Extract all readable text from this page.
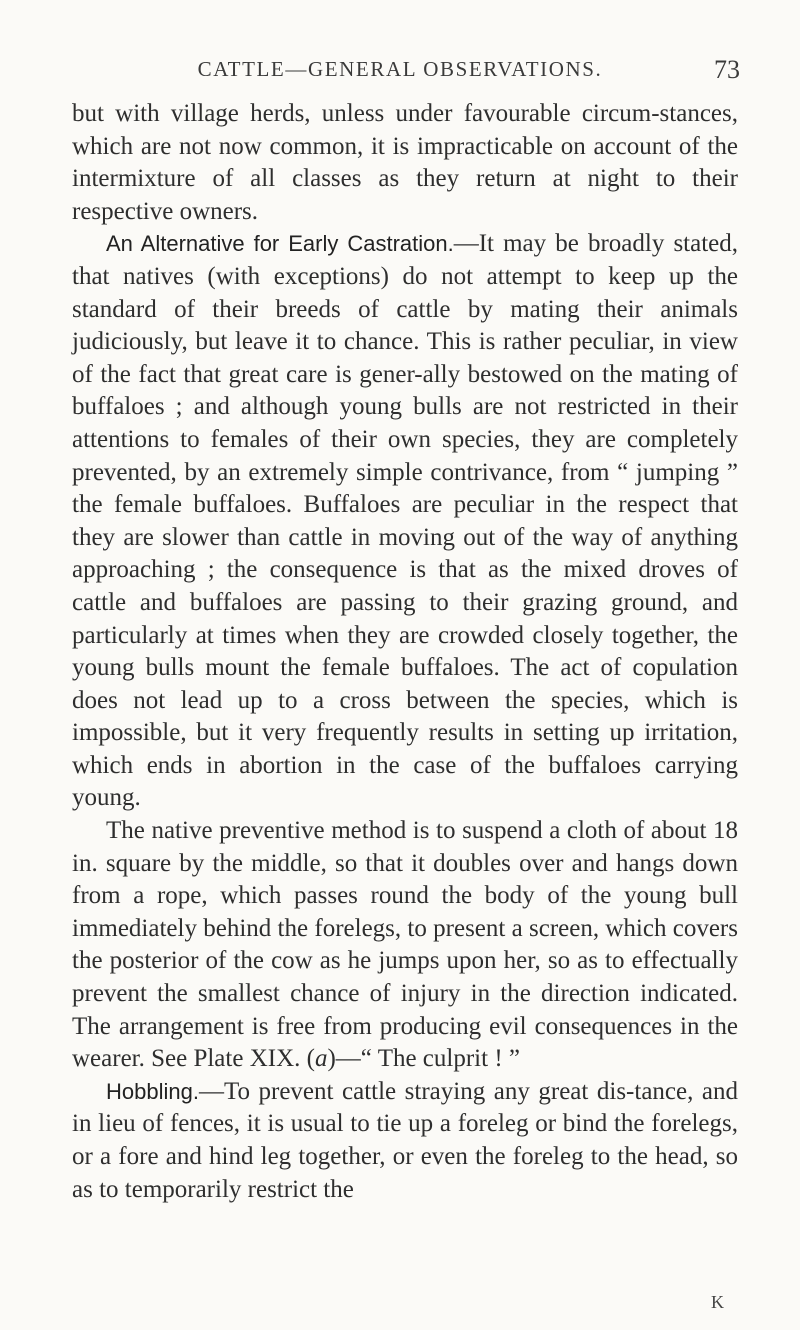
CATTLE—GENERAL OBSERVATIONS.	73

but with village herds, unless under favourable circum-stances, which are not now common, it is impracticable on account of the intermixture of all classes as they return at night to their respective owners.

An Alternative for Early Castration.—It may be broadly stated, that natives (with exceptions) do not attempt to keep up the standard of their breeds of cattle by mating their animals judiciously, but leave it to chance. This is rather peculiar, in view of the fact that great care is gener-ally bestowed on the mating of buffaloes ; and although young bulls are not restricted in their attentions to females of their own species, they are completely prevented, by an extremely simple contrivance, from “ jumping ” the female buffaloes. Buffaloes are peculiar in the respect that they are slower than cattle in moving out of the way of anything approaching ; the consequence is that as the mixed droves of cattle and buffaloes are passing to their grazing ground, and particularly at times when they are crowded closely together, the young bulls mount the female buffaloes. The act of copulation does not lead up to a cross between the species, which is impossible, but it very frequently results in setting up irritation, which ends in abortion in the case of the buffaloes carrying young.

The native preventive method is to suspend a cloth of about 18 in. square by the middle, so that it doubles over and hangs down from a rope, which passes round the body of the young bull immediately behind the forelegs, to present a screen, which covers the posterior of the cow as he jumps upon her, so as to effectually prevent the smallest chance of injury in the direction indicated. The arrangement is free from producing evil consequences in the wearer. See Plate XIX. (a)—“ The culprit ! ”

Hobbling.—To prevent cattle straying any great dis-tance, and in lieu of fences, it is usual to tie up a foreleg or bind the forelegs, or a fore and hind leg together, or even the foreleg to the head, so as to temporarily restrict the

K
